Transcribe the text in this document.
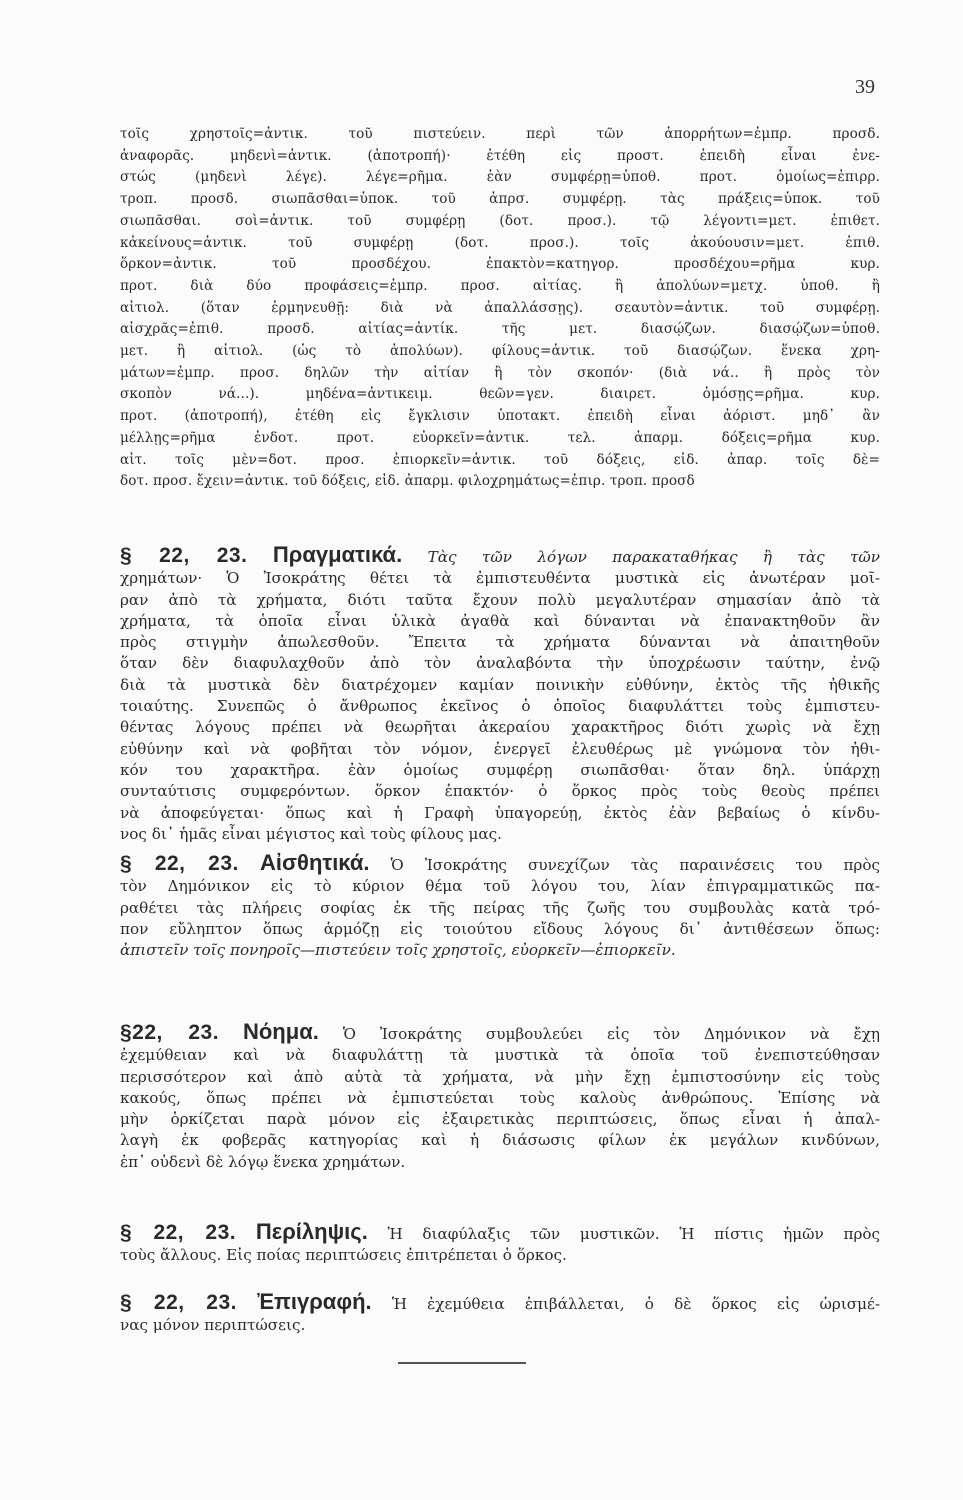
39
τοῖς χρηστοῖς=ἀντικ. τοῦ πιστεύειν. περὶ τῶν ἀπορρήτων=ἐμπρ. προσδ.
ἀναφορᾶς. μηδενὶ=ἀντικ. (ἀποτροπή)· ἐτέθη εἰς προστ. ἐπειδὴ εἶναι ἐνε-
στώς (μηδενὶ λέγε). λέγε=ρῆμα. ἐὰν συμφέρῃ=ὑποθ. προτ. ὁμοίως=ἐπιρρ.
τροπ. προσδ. σιωπᾶσθαι=ὑποκ. τοῦ ἀπρσ. συμφέρῃ. τὰς πράξεις=ὑποκ. τοῦ
σιωπᾶσθαι. σοὶ=ἀντικ. τοῦ συμφέρῃ (δοτ. προσ.). τῷ λέγοντι=μετ. ἐπιθετ.
κἀκείνους=ἀντικ. τοῦ συμφέρῃ (δοτ. προσ.). τοῖς ἀκούουσιν=μετ. ἐπιθ.
ὅρκον=ἀντικ. τοῦ προσδέχου. ἐπακτὸν=κατηγορ. προσδέχου=ρῆμα κυρ.
προτ. διὰ δύο προφάσεις=ἐμπρ. προσ. αἰτίας. ἢ ἀπολύων=μετχ. ὑποθ. ἢ
αἰτιολ. (ὅταν ἑρμηνευθῇ: διὰ νὰ ἀπαλλάσσῃς). σεαυτὸν=ἀντικ. τοῦ συμφέρῃ.
αἰσχρᾶς=ἐπιθ. προσδ. αἰτίας=ἀντίκ. τῆς μετ. διασῴζων. διασῴζων=ὑποθ.
μετ. ἢ αἰτιολ. (ὡς τὸ ἀπολύων). φίλους=ἀντικ. τοῦ διασῴζων. ἕνεκα χρη-
μάτων=ἐμπρ. προσ. δηλῶν τὴν αἰτίαν ἢ τὸν σκοπόν· (διὰ νά.. ἢ πρὸς τὸν
σκοπὸν νά...). μηδένα=ἀντικειμ. θεῶν=γεν. διαιρετ. ὀμόσῃς=ρῆμα. κυρ.
προτ. (ἀποτροπή), ἐτέθη εἰς ἔγκλισιν ὑποτακτ. ἐπειδὴ εἶναι ἀόριστ. μηδ᾽ ἂν
μέλλῃς=ρῆμα ἐνδοτ. προτ. εὐορκεῖν=ἀντικ. τελ. ἀπαρμ. δόξεις=ρῆμα κυρ.
αἰτ. τοῖς μὲν=δοτ. προσ. ἐπιορκεῖν=ἀντικ. τοῦ δόξεις, εἰδ. ἀπαρ. τοῖς δὲ=
δοτ. προσ. ἔχειν=ἀντικ. τοῦ δόξεις, εἰδ. ἀπαρμ. φιλοχρημάτως=ἐπιρ. τροπ. προσδ
§ 22, 23. Πραγματικά. Τὰς τῶν λόγων παρακαταθήκας ἢ τὰς τῶν
χρημάτων· Ὁ Ἰσοκράτης θέτει τὰ ἐμπιστευθέντα μυστικὰ εἰς ἀνωτέραν μοῖ-
ραν ἀπὸ τὰ χρήματα, διότι ταῦτα ἔχουν πολὺ μεγαλυτέραν σημασίαν ἀπὸ τὰ
χρήματα, τὰ ὁποῖα εἶναι ὑλικὰ ἀγαθὰ καὶ δύνανται νὰ ἐπανακτηθοῦν ἂν
πρὸς στιγμὴν ἀπωλεσθοῦν. Ἔπειτα τὰ χρήματα δύνανται νὰ ἀπαιτηθοῦν
ὅταν δὲν διαφυλαχθοῦν ἀπὸ τὸν ἀναλαβόντα τὴν ὑποχρέωσιν ταύτην, ἐνῷ
διὰ τὰ μυστικὰ δὲν διατρέχομεν καμίαν ποινικὴν εὐθύνην, ἐκτὸς τῆς ἠθικῆς
τοιαύτης. Συνεπῶς ὁ ἄνθρωπος ἐκεῖνος ὁ ὁποῖος διαφυλάττει τοὺς ἐμπιστευ-
θέντας λόγους πρέπει νὰ θεωρῆται ἀκεραίου χαρακτῆρος διότι χωρὶς νὰ ἔχῃ
εὐθύνην καὶ νὰ φοβῆται τὸν νόμον, ἐνεργεῖ ἐλευθέρως μὲ γνώμονα τὸν ἠθι-
κόν του χαρακτῆρα. ἐὰν ὁμοίως συμφέρῃ σιωπᾶσθαι· ὅταν δηλ. ὑπάρχῃ
συνταύτισις συμφερόντων. ὅρκον ἐπακτόν· ὁ ὅρκος πρὸς τοὺς θεοὺς πρέπει
νὰ ἀποφεύγεται· ὅπως καὶ ἡ Γραφὴ ὑπαγορεύῃ, ἐκτὸς ἐὰν βεβαίως ὁ κίνδυ-
νος δι᾽ ἡμᾶς εἶναι μέγιστος καὶ τοὺς φίλους μας.
§ 22, 23. Αἰσθητικά. Ὁ Ἰσοκράτης συνεχίζων τὰς παραινέσεις του πρὸς
τὸν Δημόνικον εἰς τὸ κύριον θέμα τοῦ λόγου του, λίαν ἐπιγραμματικῶς πα-
ραθέτει τὰς πλήρεις σοφίας ἐκ τῆς πείρας τῆς ζωῆς του συμβουλὰς κατὰ τρό-
πον εὔληπτον ὅπως ἁρμόζῃ εἰς τοιούτου εἴδους λόγους δι᾽ ἀντιθέσεων ὅπως:
ἀπιστεῖν τοῖς πονηροῖς—πιστεύειν τοῖς χρηστοῖς, εὐορκεῖν—ἐπιορκεῖν.
§22, 23. Νόημα. Ὁ Ἰσοκράτης συμβουλεύει εἰς τὸν Δημόνικον νὰ ἔχῃ
ἐχεμύθειαν καὶ νὰ διαφυλάττῃ τὰ μυστικὰ τὰ ὁποῖα τοῦ ἐνεπιστεύθησαν
περισσότερον καὶ ἀπὸ αὐτὰ τὰ χρήματα, νὰ μὴν ἔχῃ ἐμπιστοσύνην εἰς τοὺς
κακούς, ὅπως πρέπει νὰ ἐμπιστεύεται τοὺς καλοὺς ἀνθρώπους. Ἐπίσης νὰ
μὴν ὁρκίζεται παρὰ μόνον εἰς ἐξαιρετικὰς περιπτώσεις, ὅπως εἶναι ἡ ἀπαλ-
λαγὴ ἐκ φοβερᾶς κατηγορίας καὶ ἡ διάσωσις φίλων ἐκ μεγάλων κινδύνων,
ἐπ᾽ οὐδενὶ δὲ λόγῳ ἕνεκα χρημάτων.
§ 22, 23. Περίληψις. Ἡ διαφύλαξις τῶν μυστικῶν. Ἡ πίστις ἡμῶν πρὸς
τοὺς ἄλλους. Εἰς ποίας περιπτώσεις ἐπιτρέπεται ὁ ὅρκος.
§ 22, 23. Ἐπιγραφή. Ἡ ἐχεμύθεια ἐπιβάλλεται, ὁ δὲ ὅρκος εἰς ὡρισμέ-
νας μόνον περιπτώσεις.
